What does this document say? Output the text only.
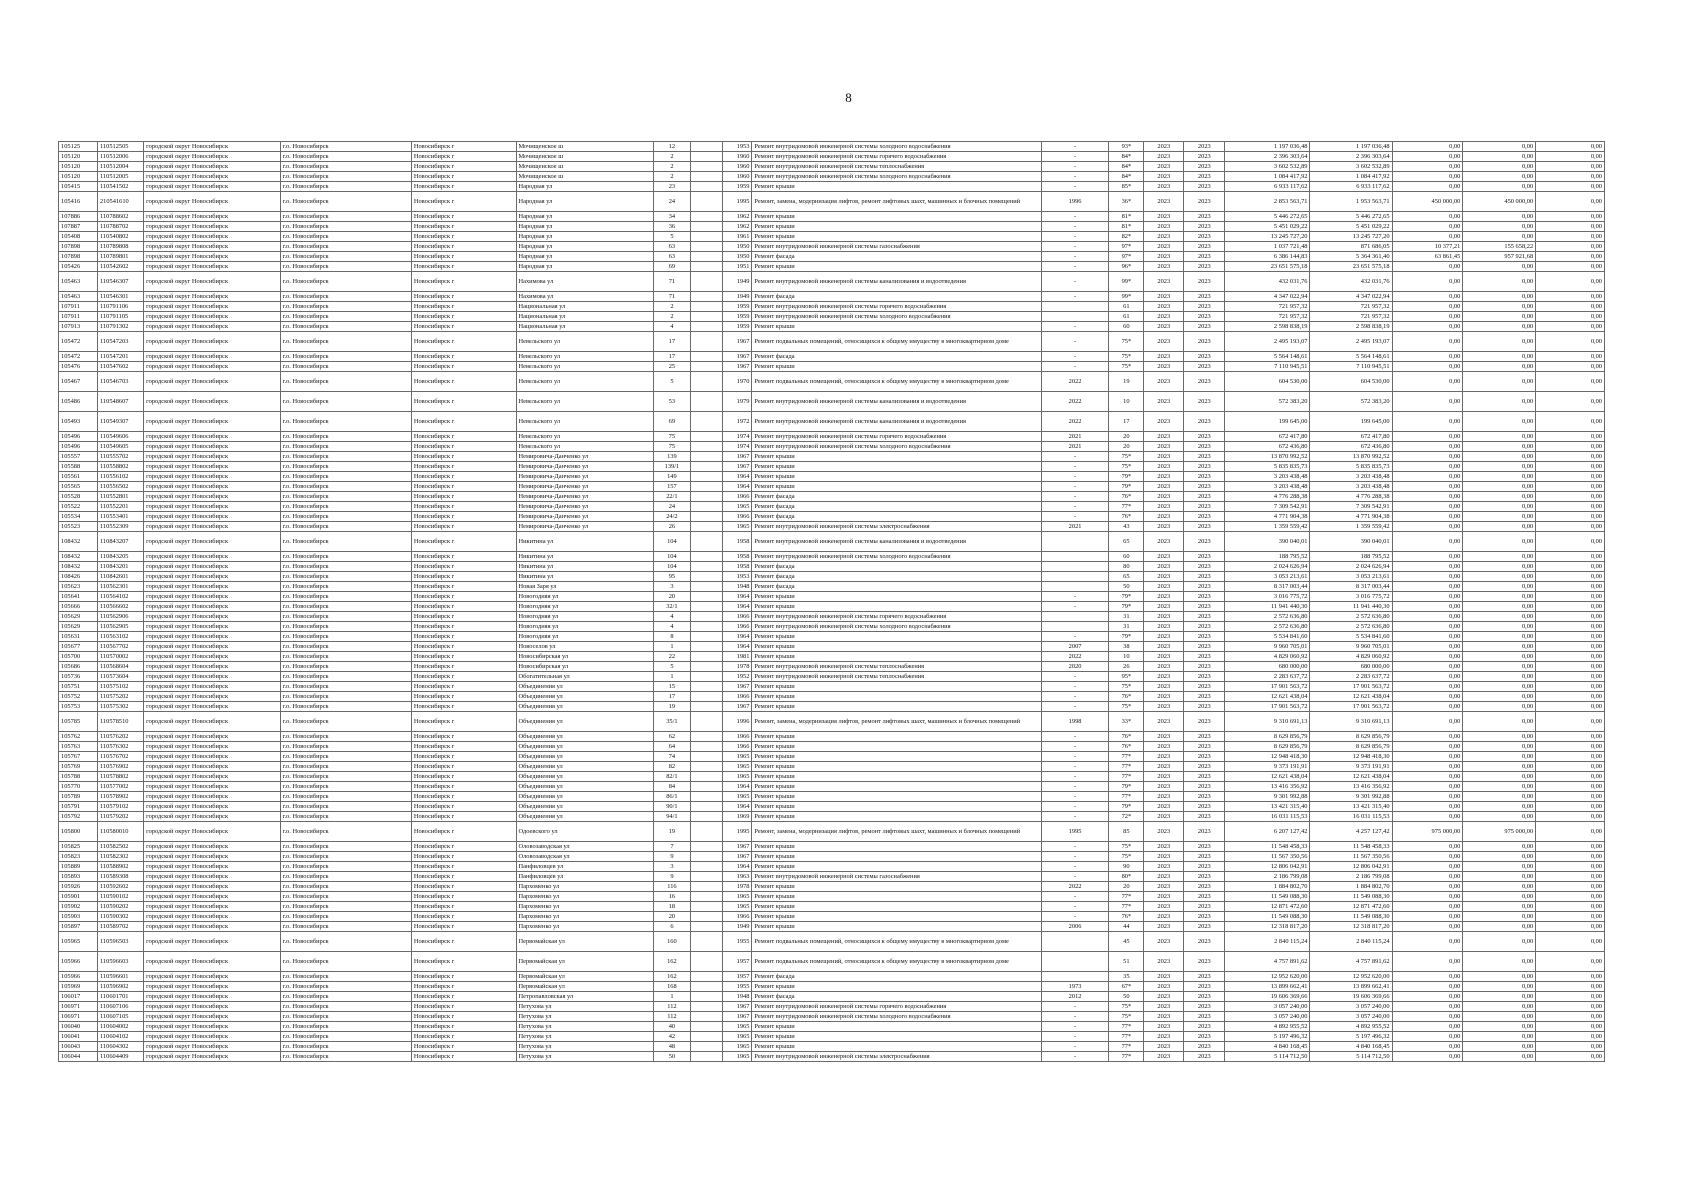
8
105125	110512505	городской округ Новосибирск	г.о. Новосибирск	Новосибирск г	Мочищенское ш	12		1953	Ремонт внутридомовой инженерной системы холодного водоснабжения	-	93*	2023	2023	1 197 036,48	1 197 036,48	0,00	0,00	0,00
105120	110512006	городской округ Новосибирск	г.о. Новосибирск	Новосибирск г	Мочищенское ш	2		1960	Ремонт внутридомовой инженерной системы горячего водоснабжения	-	84*	2023	2023	2 396 303,64	2 396 303,64	0,00	0,00	0,00
105120	110512004	городской округ Новосибирск	г.о. Новосибирск	Новосибирск г	Мочищенское ш	2		1960	Ремонт внутридомовой инженерной системы теплоснабжения	-	84*	2023	2023	3 602 532,89	3 602 532,89	0,00	0,00	0,00
105120	110512005	городской округ Новосибирск	г.о. Новосибирск	Новосибирск г	Мочищенское ш	2		1960	Ремонт внутридомовой инженерной системы холодного водоснабжения	-	84*	2023	2023	1 084 417,92	1 084 417,92	0,00	0,00	0,00
105415	110541502	городской округ Новосибирск	г.о. Новосибирск	Новосибирск г	Народная ул	23		1959	Ремонт крыши	-	85*	2023	2023	6 933 117,62	6 933 117,62	0,00	0,00	0,00
105416	210541610	городской округ Новосибирск	г.о. Новосибирск	Новосибирск г	Народная ул	24		1995	Ремонт, замена, модернизация лифтов, ремонт лифтовых шахт, машинных и блочных помещений	1996	36*	2023	2023	2 853 563,71	1 953 563,71	450 000,00	450 000,00	0,00
107886	110788602	городской округ Новосибирск	г.о. Новосибирск	Новосибирск г	Народная ул	34		1962	Ремонт крыши	-	81*	2023	2023	5 446 272,65	5 446 272,65	0,00	0,00	0,00
107887	110788702	городской округ Новосибирск	г.о. Новосибирск	Новосибирск г	Народная ул	36		1962	Ремонт крыши	-	81*	2023	2023	5 451 029,22	5 451 029,22	0,00	0,00	0,00
105408	110540802	городской округ Новосибирск	г.о. Новосибирск	Новосибирск г	Народная ул	5		1961	Ремонт крыши	-	82*	2023	2023	13 245 727,20	13 245 727,20	0,00	0,00	0,00
107898	110789808	городской округ Новосибирск	г.о. Новосибирск	Новосибирск г	Народная ул	63		1950	Ремонт внутридомовой инженерной системы газоснабжения	-	97*	2023	2023	1 037 721,48	871 686,05	10 377,21	155 658,22	0,00
107898	110789801	городской округ Новосибирск	г.о. Новосибирск	Новосибирск г	Народная ул	63		1950	Ремонт фасада	-	97*	2023	2023	6 386 144,83	5 364 361,40	63 861,45	957 921,68	0,00
105426	110542602	городской округ Новосибирск	г.о. Новосибирск	Новосибирск г	Народная ул	69		1951	Ремонт крыши	-	96*	2023	2023	23 651 575,18	23 651 575,18	0,00	0,00	0,00
105463	110546307	городской округ Новосибирск	г.о. Новосибирск	Новосибирск г	Нахимова ул	71		1949	Ремонт внутридомовой инженерной системы канализования и водоотведения	-	99*	2023	2023	432 031,76	432 031,76	0,00	0,00	0,00
105463	110546301	городской округ Новосибирск	г.о. Новосибирск	Новосибирск г	Нахимова ул	71		1949	Ремонт фасада	-	99*	2023	2023	4 347 022,94	4 347 022,94	0,00	0,00	0,00
107911	110791106	городской округ Новосибирск	г.о. Новосибирск	Новосибирск г	Национальная ул	2		1959	Ремонт внутридомовой инженерной системы горячего водоснабжения		61	2023	2023	721 957,32	721 957,32	0,00	0,00	0,00
107911	110791105	городской округ Новосибирск	г.о. Новосибирск	Новосибирск г	Национальная ул	2		1959	Ремонт внутридомовой инженерной системы холодного водоснабжения		61	2023	2023	721 957,32	721 957,32	0,00	0,00	0,00
107913	110791302	городской округ Новосибирск	г.о. Новосибирск	Новосибирск г	Национальная ул	4		1959	Ремонт крыши	-	60	2023	2023	2 598 838,19	2 598 838,19	0,00	0,00	0,00
105472	110547203	городской округ Новосибирск	г.о. Новосибирск	Новосибирск г	Невельского ул	17		1967	Ремонт подвальных помещений, относящихся к общему имуществу в многоквартирном доме	-	75*	2023	2023	2 495 193,07	2 495 193,07	0,00	0,00	0,00
105472	110547201	городской округ Новосибирск	г.о. Новосибирск	Новосибирск г	Невельского ул	17		1967	Ремонт фасада	-	75*	2023	2023	5 564 148,61	5 564 148,61	0,00	0,00	0,00
105476	110547602	городской округ Новосибирск	г.о. Новосибирск	Новосибирск г	Невельского ул	25		1967	Ремонт крыши	-	75*	2023	2023	7 110 945,51	7 110 945,51	0,00	0,00	0,00
105467	110546703	городской округ Новосибирск	г.о. Новосибирск	Новосибирск г	Невельского ул	5		1970	Ремонт подвальных помещений, относящихся к общему имуществу в многоквартирном доме	2022	19	2023	2023	604 530,00	604 530,00	0,00	0,00	0,00
105486	110548607	городской округ Новосибирск	г.о. Новосибирск	Новосибирск г	Невельского ул	53		1979	Ремонт внутридомовой инженерной системы канализования и водоотведения	2022	10	2023	2023	572 383,20	572 383,20	0,00	0,00	0,00
105493	110549307	городской округ Новосибирск	г.о. Новосибирск	Новосибирск г	Невельского ул	69		1972	Ремонт внутридомовой инженерной системы канализования и водоотведения	2022	17	2023	2023	199 645,00	199 645,00	0,00	0,00	0,00
105496	110549606	городской округ Новосибирск	г.о. Новосибирск	Новосибирск г	Невельского ул	75		1974	Ремонт внутридомовой инженерной системы горячего водоснабжения	2021	20	2023	2023	672 417,80	672 417,80	0,00	0,00	0,00
105496	110549605	городской округ Новосибирск	г.о. Новосибирск	Новосибирск г	Невельского ул	75		1974	Ремонт внутридомовой инженерной системы холодного водоснабжения	2021	20	2023	2023	672 436,80	672 436,80	0,00	0,00	0,00
105557	110555702	городской округ Новосибирск	г.о. Новосибирск	Новосибирск г	Немировича-Данченко ул	139		1967	Ремонт крыши	-	75*	2023	2023	13 870 992,52	13 870 992,52	0,00	0,00	0,00
105588	110558802	городской округ Новосибирск	г.о. Новосибирск	Новосибирск г	Немировича-Данченко ул	139/1		1967	Ремонт крыши	-	75*	2023	2023	5 835 835,73	5 835 835,73	0,00	0,00	0,00
105561	110556102	городской округ Новосибирск	г.о. Новосибирск	Новосибирск г	Немировича-Данченко ул	149		1964	Ремонт крыши	-	79*	2023	2023	3 203 438,48	3 203 438,48	0,00	0,00	0,00
105565	110556502	городской округ Новосибирск	г.о. Новосибирск	Новосибирск г	Немировича-Данченко ул	157		1964	Ремонт крыши	-	79*	2023	2023	3 203 438,48	3 203 438,48	0,00	0,00	0,00
105528	110552801	городской округ Новосибирск	г.о. Новосибирск	Новосибирск г	Немировича-Данченко ул	22/1		1966	Ремонт фасада	-	76*	2023	2023	4 776 288,38	4 776 288,38	0,00	0,00	0,00
105522	110552201	городской округ Новосибирск	г.о. Новосибирск	Новосибирск г	Немировича-Данченко ул	24		1965	Ремонт фасада	-	77*	2023	2023	7 309 542,91	7 309 542,91	0,00	0,00	0,00
105534	110553401	городской округ Новосибирск	г.о. Новосибирск	Новосибирск г	Немировича-Данченко ул	24/2		1966	Ремонт фасада	-	76*	2023	2023	4 771 904,38	4 771 904,38	0,00	0,00	0,00
105523	110552309	городской округ Новосибирск	г.о. Новосибирск	Новосибирск г	Немировича-Данченко ул	26		1965	Ремонт внутридомовой инженерной системы электроснабжения	2021	43	2023	2023	1 359 559,42	1 359 559,42	0,00	0,00	0,00
108432	110843207	городской округ Новосибирск	г.о. Новосибирск	Новосибирск г	Никитина ул	104		1958	Ремонт внутридомовой инженерной системы канализования и водоотведения		65	2023	2023	390 040,01	390 040,01	0,00	0,00	0,00
108432	110843205	городской округ Новосибирск	г.о. Новосибирск	Новосибирск г	Никитина ул	104		1958	Ремонт внутридомовой инженерной системы холодного водоснабжения		60	2023	2023	188 795,52	188 795,52	0,00	0,00	0,00
108432	110843201	городской округ Новосибирск	г.о. Новосибирск	Новосибирск г	Никитина ул	104		1958	Ремонт фасада		80	2023	2023	2 024 626,94	2 024 626,94	0,00	0,00	0,00
108426	110842601	городской округ Новосибирск	г.о. Новосибирск	Новосибирск г	Никитина ул	95		1953	Ремонт фасада		65	2023	2023	3 053 213,61	3 053 213,61	0,00	0,00	0,00
105623	110562301	городской округ Новосибирск	г.о. Новосибирск	Новосибирск г	Новая Заря ул	3		1948	Ремонт фасада		50	2023	2023	8 317 003,44	8 317 003,44	0,00	0,00	0,00
105641	110564102	городской округ Новосибирск	г.о. Новосибирск	Новосибирск г	Новогодняя ул	20		1964	Ремонт крыши	-	79*	2023	2023	3 016 775,72	3 016 775,72	0,00	0,00	0,00
105666	110566602	городской округ Новосибирск	г.о. Новосибирск	Новосибирск г	Новогодняя ул	32/1		1964	Ремонт крыши	-	79*	2023	2023	11 941 440,30	11 941 440,30	0,00	0,00	0,00
105629	110562906	городской округ Новосибирск	г.о. Новосибирск	Новосибирск г	Новогодняя ул	4		1966	Ремонт внутридомовой инженерной системы горячего водоснабжения		31	2023	2023	2 572 636,80	2 572 636,80	0,00	0,00	0,00
105629	110562905	городской округ Новосибирск	г.о. Новосибирск	Новосибирск г	Новогодняя ул	4		1966	Ремонт внутридомовой инженерной системы холодного водоснабжения		31	2023	2023	2 572 636,80	2 572 636,80	0,00	0,00	0,00
105631	110563102	городской округ Новосибирск	г.о. Новосибирск	Новосибирск г	Новогодняя ул	8		1964	Ремонт крыши	-	79*	2023	2023	5 534 841,60	5 534 841,60	0,00	0,00	0,00
105677	110567702	городской округ Новосибирск	г.о. Новосибирск	Новосибирск г	Новоселов ул	1		1964	Ремонт крыши	2007	38	2023	2023	9 960 705,01	9 960 705,01	0,00	0,00	0,00
105700	110570002	городской округ Новосибирск	г.о. Новосибирск	Новосибирск г	Новосибирская ул	22		1981	Ремонт крыши	2022	10	2023	2023	4 829 060,92	4 829 060,92	0,00	0,00	0,00
105686	110568604	городской округ Новосибирск	г.о. Новосибирск	Новосибирск г	Новосибирская ул	5		1978	Ремонт внутридомовой инженерной системы теплоснабжения	2020	26	2023	2023	680 000,00	680 000,00	0,00	0,00	0,00
105736	110573604	городской округ Новосибирск	г.о. Новосибирск	Новосибирск г	Обогатительная ул	1		1952	Ремонт внутридомовой инженерной системы теплоснабжения	-	95*	2023	2023	2 283 637,72	2 283 637,72	0,00	0,00	0,00
105751	110575102	городской округ Новосибирск	г.о. Новосибирск	Новосибирск г	Объединения ул	15		1967	Ремонт крыши	-	75*	2023	2023	17 901 563,72	17 901 563,72	0,00	0,00	0,00
105752	110575202	городской округ Новосибирск	г.о. Новосибирск	Новосибирск г	Объединения ул	17		1966	Ремонт крыши	-	76*	2023	2023	12 621 438,04	12 621 438,04	0,00	0,00	0,00
105753	110575302	городской округ Новосибирск	г.о. Новосибирск	Новосибирск г	Объединения ул	19		1967	Ремонт крыши	-	75*	2023	2023	17 901 563,72	17 901 563,72	0,00	0,00	0,00
105785	110578510	городской округ Новосибирск	г.о. Новосибирск	Новосибирск г	Объединения ул	35/1		1996	Ремонт, замена, модернизация лифтов, ремонт лифтовых шахт, машинных и блочных помещений	1998	33*	2023	2023	9 310 691,13	9 310 691,13	0,00	0,00	0,00
105762	110576202	городской округ Новосибирск	г.о. Новосибирск	Новосибирск г	Объединения ул	62		1966	Ремонт крыши	-	76*	2023	2023	8 629 856,79	8 629 856,79	0,00	0,00	0,00
105763	110576302	городской округ Новосибирск	г.о. Новосибирск	Новосибирск г	Объединения ул	64		1966	Ремонт крыши	-	76*	2023	2023	8 629 856,79	8 629 856,79	0,00	0,00	0,00
105767	110576702	городской округ Новосибирск	г.о. Новосибирск	Новосибирск г	Объединения ул	74		1965	Ремонт крыши	-	77*	2023	2023	12 948 418,30	12 948 418,30	0,00	0,00	0,00
105769	110576902	городской округ Новосибирск	г.о. Новосибирск	Новосибирск г	Объединения ул	82		1965	Ремонт крыши	-	77*	2023	2023	9 373 191,91	9 373 191,91	0,00	0,00	0,00
105788	110578802	городской округ Новосибирск	г.о. Новосибирск	Новосибирск г	Объединения ул	82/1		1965	Ремонт крыши	-	77*	2023	2023	12 621 438,04	12 621 438,04	0,00	0,00	0,00
105770	110577002	городской округ Новосибирск	г.о. Новосибирск	Новосибирск г	Объединения ул	84		1964	Ремонт крыши	-	79*	2023	2023	13 416 356,92	13 416 356,92	0,00	0,00	0,00
105789	110578902	городской округ Новосибирск	г.о. Новосибирск	Новосибирск г	Объединения ул	86/1		1965	Ремонт крыши	-	77*	2023	2023	9 301 992,88	9 301 992,88	0,00	0,00	0,00
105791	110579102	городской округ Новосибирск	г.о. Новосибирск	Новосибирск г	Объединения ул	90/1		1964	Ремонт крыши	-	79*	2023	2023	13 421 315,40	13 421 315,40	0,00	0,00	0,00
105792	110579202	городской округ Новосибирск	г.о. Новосибирск	Новосибирск г	Объединения ул	94/1		1969	Ремонт крыши	-	72*	2023	2023	16 031 115,53	16 031 115,53	0,00	0,00	0,00
105800	110580010	городской округ Новосибирск	г.о. Новосибирск	Новосибирск г	Одоевского ул	19		1995	Ремонт, замена, модернизация лифтов, ремонт лифтовых шахт, машинных и блочных помещений	1995	85	2023	2023	6 207 127,42	4 257 127,42	975 000,00	975 000,00	0,00
105825	110582502	городской округ Новосибирск	г.о. Новосибирск	Новосибирск г	Оловозаводская ул	7		1967	Ремонт крыши	-	75*	2023	2023	11 548 458,33	11 548 458,33	0,00	0,00	0,00
105823	110582302	городской округ Новосибирск	г.о. Новосибирск	Новосибирск г	Оловозаводская ул	9		1967	Ремонт крыши	-	75*	2023	2023	11 567 350,56	11 567 350,56	0,00	0,00	0,00
105889	110588902	городской округ Новосибирск	г.о. Новосибирск	Новосибирск г	Панфиловцев ул	3		1964	Ремонт крыши	-	90	2023	2023	12 806 042,91	12 806 042,91	0,00	0,00	0,00
105893	110589308	городской округ Новосибирск	г.о. Новосибирск	Новосибирск г	Панфиловцев ул	9		1963	Ремонт внутридомовой инженерной системы газоснабжения	-	80*	2023	2023	2 186 799,08	2 186 799,08	0,00	0,00	0,00
105926	110592602	городской округ Новосибирск	г.о. Новосибирск	Новосибирск г	Пархоменко ул	116		1978	Ремонт крыши	2022	20	2023	2023	1 884 802,70	1 884 802,70	0,00	0,00	0,00
105901	110590102	городской округ Новосибирск	г.о. Новосибирск	Новосибирск г	Пархоменко ул	16		1965	Ремонт крыши	-	77*	2023	2023	11 549 088,30	11 549 088,30	0,00	0,00	0,00
105902	110590202	городской округ Новосибирск	г.о. Новосибирск	Новосибирск г	Пархоменко ул	18		1965	Ремонт крыши	-	77*	2023	2023	12 871 472,60	12 871 472,60	0,00	0,00	0,00
105903	110590302	городской округ Новосибирск	г.о. Новосибирск	Новосибирск г	Пархоменко ул	20		1966	Ремонт крыши	-	76*	2023	2023	11 549 088,30	11 549 088,30	0,00	0,00	0,00
105897	110589702	городской округ Новосибирск	г.о. Новосибирск	Новосибирск г	Пархоменко ул	6		1949	Ремонт крыши	2006	44	2023	2023	12 318 817,20	12 318 817,20	0,00	0,00	0,00
105965	110596503	городской округ Новосибирск	г.о. Новосибирск	Новосибирск г	Первомайская ул	160		1955	Ремонт подвальных помещений, относящихся к общему имуществу в многоквартирном доме		45	2023	2023	2 840 115,24	2 840 115,24	0,00	0,00	0,00
105966	110596603	городской округ Новосибирск	г.о. Новосибирск	Новосибирск г	Первомайская ул	162		1957	Ремонт подвальных помещений, относящихся к общему имуществу в многоквартирном доме		51	2023	2023	4 757 891,62	4 757 891,62	0,00	0,00	0,00
105966	110596601	городской округ Новосибирск	г.о. Новосибирск	Новосибирск г	Первомайская ул	162		1957	Ремонт фасада		35	2023	2023	12 952 620,00	12 952 620,00	0,00	0,00	0,00
105969	110596902	городской округ Новосибирск	г.о. Новосибирск	Новосибирск г	Первомайская ул	168		1955	Ремонт крыши	1973	67*	2023	2023	13 899 662,41	13 899 662,41	0,00	0,00	0,00
106017	110601701	городской округ Новосибирск	г.о. Новосибирск	Новосибирск г	Петропавловская ул	1		1948	Ремонт фасада	2012	50	2023	2023	19 606 369,66	19 606 369,66	0,00	0,00	0,00
106971	110607106	городской округ Новосибирск	г.о. Новосибирск	Новосибирск г	Петухова ул	112		1967	Ремонт внутридомовой инженерной системы горячего водоснабжения	-	75*	2023	2023	3 057 240,00	3 057 240,00	0,00	0,00	0,00
106971	110607105	городской округ Новосибирск	г.о. Новосибирск	Новосибирск г	Петухова ул	112		1967	Ремонт внутридомовой инженерной системы холодного водоснабжения	-	75*	2023	2023	3 057 240,00	3 057 240,00	0,00	0,00	0,00
106040	110604002	городской округ Новосибирск	г.о. Новосибирск	Новосибирск г	Петухова ул	40		1965	Ремонт крыши	-	77*	2023	2023	4 892 955,52	4 892 955,52	0,00	0,00	0,00
106041	110604102	городской округ Новосибирск	г.о. Новосибирск	Новосибирск г	Петухова ул	42		1965	Ремонт крыши	-	77*	2023	2023	5 197 496,32	5 197 496,32	0,00	0,00	0,00
106043	110604302	городской округ Новосибирск	г.о. Новосибирск	Новосибирск г	Петухова ул	48		1965	Ремонт крыши	-	77*	2023	2023	4 840 168,45	4 840 168,45	0,00	0,00	0,00
106044	110604409	городской округ Новосибирск	г.о. Новосибирск	Новосибирск г	Петухова ул	50		1965	Ремонт внутридомовой инженерной системы электроснабжения	-	77*	2023	2023	5 114 712,50	5 114 712,50	0,00	0,00	0,00
